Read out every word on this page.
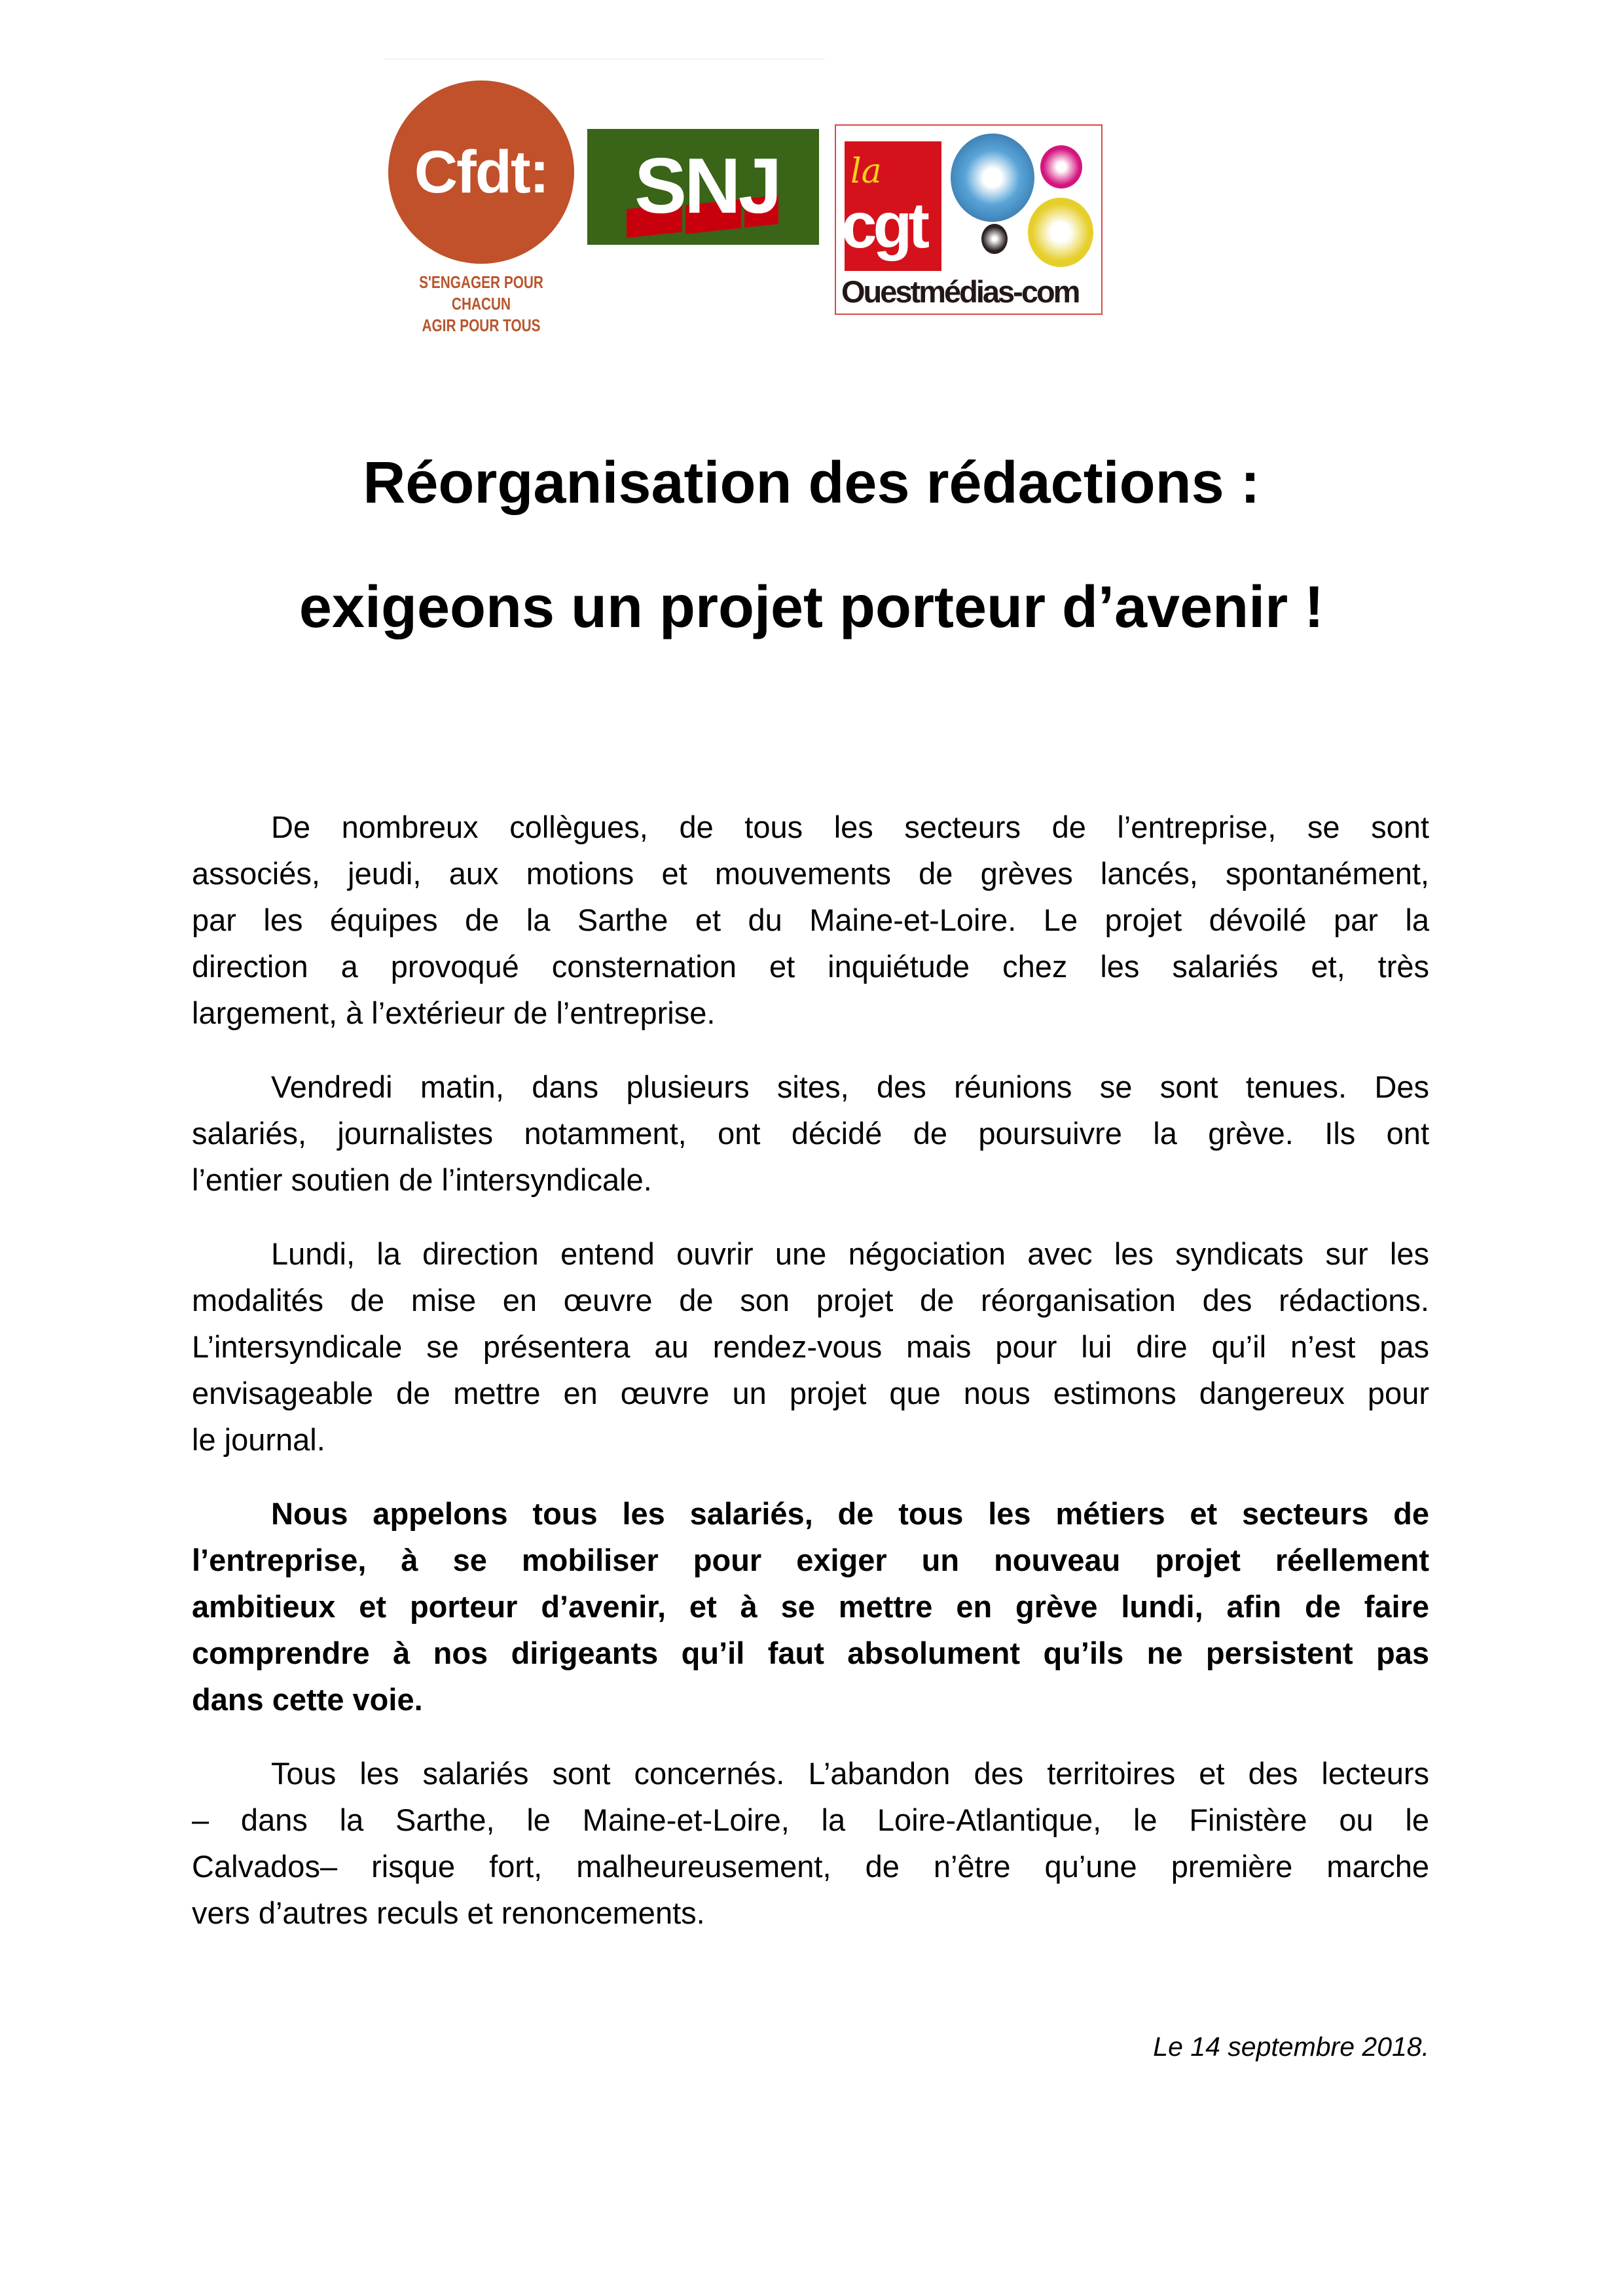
Cfdt:
S'ENGAGER POUR CHACUN
AGIR POUR TOUS
SNJ la
cgt
Ouestmédias-com
Réorganisation des rédactions :
exigeons un projet porteur d’avenir !
De nombreux collègues, de tous les secteurs de l’entreprise, se sont
associés, jeudi, aux motions et mouvements de grèves lancés, spontanément,
par les équipes de la Sarthe et du Maine-et-Loire. Le projet dévoilé par la
direction a provoqué consternation et inquiétude chez les salariés et, très
largement, à l’extérieur de l’entreprise.
Vendredi matin, dans plusieurs sites, des réunions se sont tenues. Des
salariés, journalistes notamment, ont décidé de poursuivre la grève. Ils ont
l’entier soutien de l’intersyndicale.
Lundi, la direction entend ouvrir une négociation avec les syndicats sur les
modalités de mise en œuvre de son projet de réorganisation des rédactions.
L’intersyndicale se présentera au rendez-vous mais pour lui dire qu’il n’est pas
envisageable de mettre en œuvre un projet que nous estimons dangereux pour
le journal.
Nous appelons tous les salariés, de tous les métiers et secteurs de
l’entreprise, à se mobiliser pour exiger un nouveau projet réellement
ambitieux et porteur d’avenir, et à se mettre en grève lundi, afin de faire
comprendre à nos dirigeants qu’il faut absolument qu’ils ne persistent pas
dans cette voie.
Tous les salariés sont concernés. L’abandon des territoires et des lecteurs
– dans la Sarthe, le Maine-et-Loire, la Loire-Atlantique, le Finistère ou le
Calvados– risque fort, malheureusement, de n’être qu’une première marche
vers d’autres reculs et renoncements.
Le 14 septembre 2018.
